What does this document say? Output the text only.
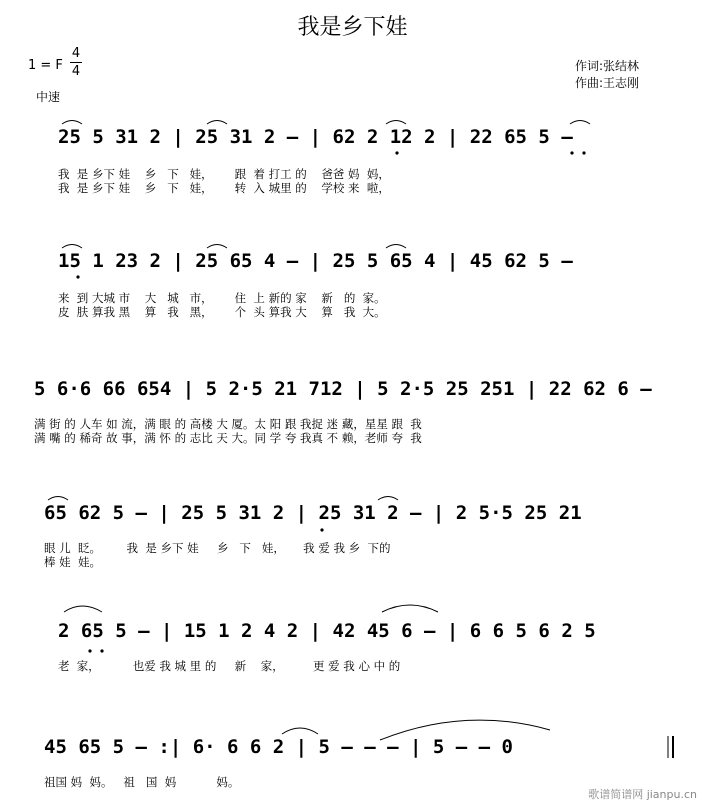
我是乡下娃
1 = F
4
4
中速
作词:张结林
作曲:王志刚
25 5 31 2 | 25 31 2 – | 62 2 12 2 | 22 65 5 –
我  是 乡下 娃    乡   下   娃，      跟  着 打工 的    爸爸 妈  妈，
我  是 乡下 娃    乡   下   娃，      转  入 城里 的    学校 来  啦，
15 1 23 2 | 25 65 4 – | 25 5 65 4 | 45 62 5 –
来  到 大城 市    大   城   市，      住  上 新的 家    新   的  家。
皮  肤 算我 黑    算   我   黑，      个  头 算我 大    算   我  大。
5 6·6 66 654 | 5 2·5 21 712 | 5 2·5 25 251 | 22 62 6 –
满 街 的 人车 如 流，满 眼 的 高楼 大 厦。太 阳 跟 我捉 迷 藏，星星 跟  我
满 嘴 的 稀奇 故 事，满 怀 的 志比 天 大。同 学 夸 我真 不 赖，老师 夸  我
65 62 5 – | 25 5 31 2 | 25 31 2 – | 2 5·5 25 21
眼 儿  眨。       我  是 乡下 娃     乡   下   娃，     我 爱 我 乡  下的
棒 娃  娃。
2 65 5 – | 15 1 2 4 2 | 42 45 6 – | 6 6 5 6 2 5
老  家，         也爱 我 城 里 的     新    家，        更 爱 我 心 中 的
45 65 5 – :| 6· 6 6 2 | 5 – – – | 5 – – 0
祖国 妈  妈。   祖   国  妈           妈。
歌谱简谱网 jianpu.cn
